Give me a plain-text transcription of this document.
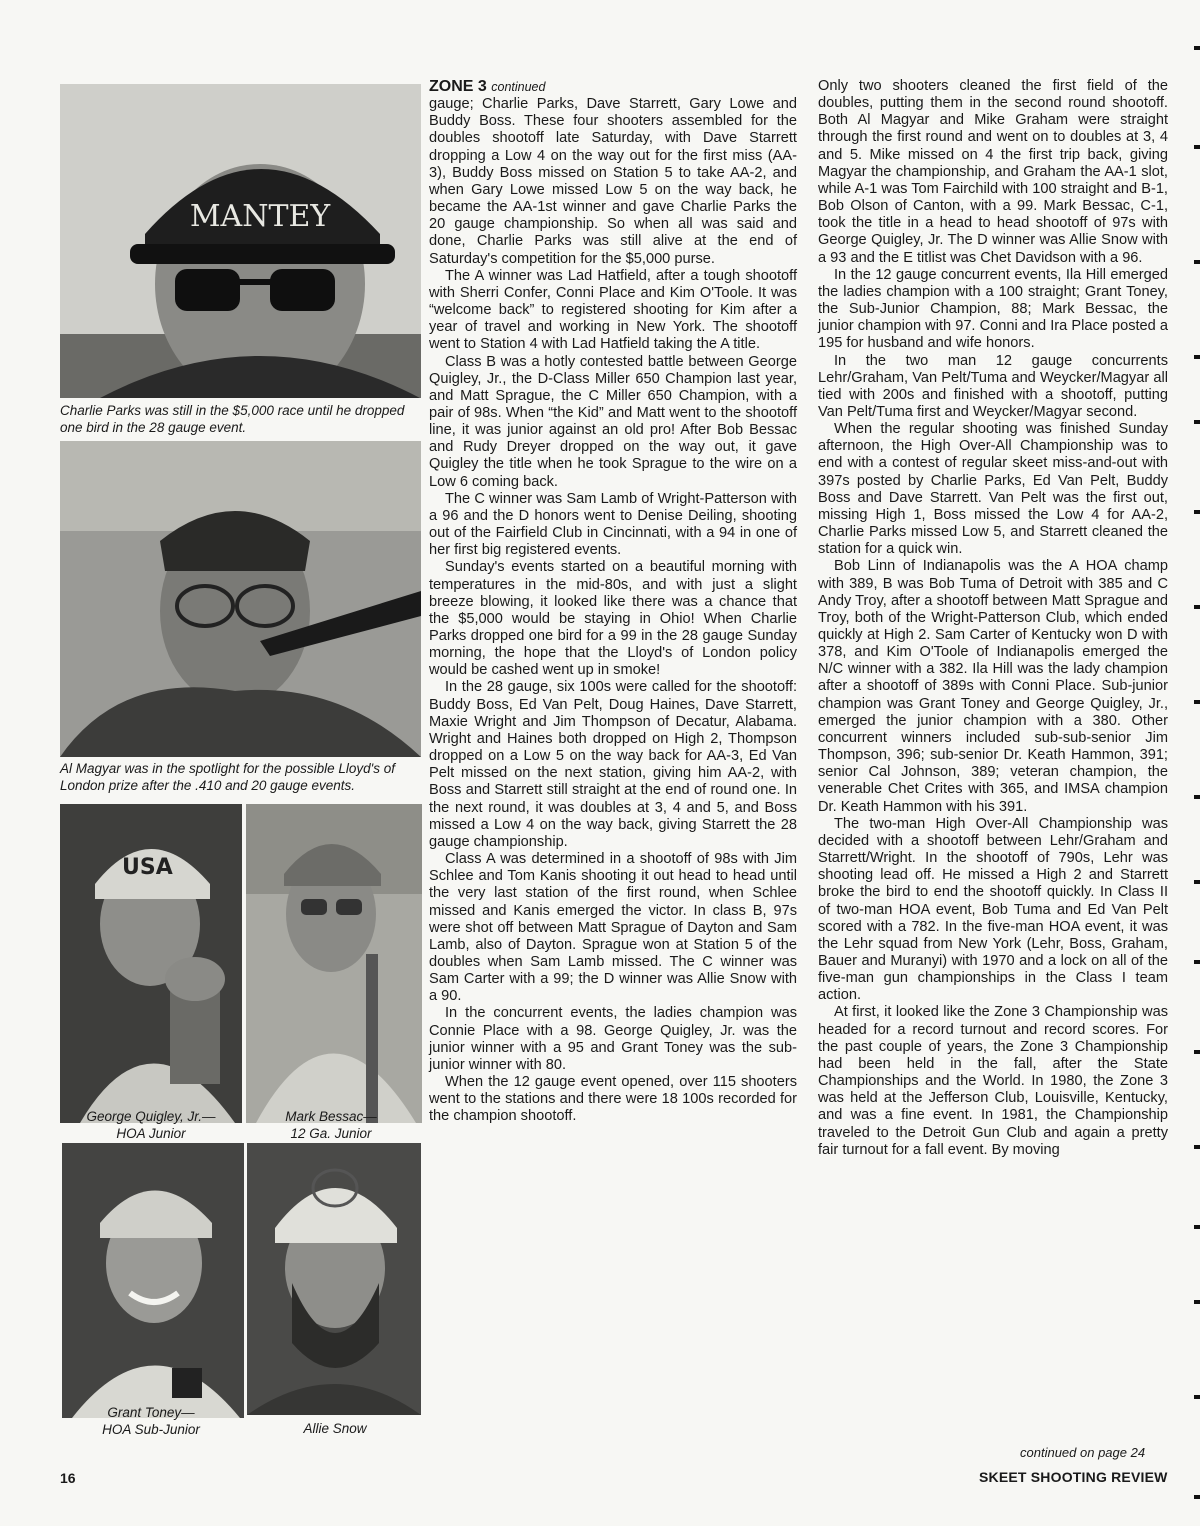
MANTEY
Charlie Parks was still in the $5,000 race until he dropped one bird in the 28 gauge event.
Al Magyar was in the spotlight for the possible Lloyd's of London prize after the .410 and 20 gauge events.
USA
George Quigley, Jr.—
HOA Junior
Mark Bessac—
12 Ga. Junior
Grant Toney—
HOA Sub-Junior	Allie Snow
ZONE 3 continued

gauge; Charlie Parks, Dave Starrett, Gary Lowe and Buddy Boss. These four shooters assembled for the doubles shootoff late Saturday, with Dave Starrett dropping a Low 4 on the way out for the first miss (AA-3), Buddy Boss missed on Station 5 to take AA-2, and when Gary Lowe missed Low 5 on the way back, he became the AA-1st winner and gave Charlie Parks the 20 gauge championship. So when all was said and done, Charlie Parks was still alive at the end of Saturday's competition for the $5,000 purse.

The A winner was Lad Hatfield, after a tough shootoff with Sherri Confer, Conni Place and Kim O'Toole. It was “welcome back” to registered shooting for Kim after a year of travel and working in New York. The shootoff went to Station 4 with Lad Hatfield taking the A title.

Class B was a hotly contested battle between George Quigley, Jr., the D-Class Miller 650 Champion last year, and Matt Sprague, the C Miller 650 Champion, with a pair of 98s. When “the Kid” and Matt went to the shootoff line, it was junior against an old pro! After Bob Bessac and Rudy Dreyer dropped on the way out, it gave Quigley the title when he took Sprague to the wire on a Low 6 coming back.

The C winner was Sam Lamb of Wright-Patterson with a 96 and the D honors went to Denise Deiling, shooting out of the Fairfield Club in Cincinnati, with a 94 in one of her first big registered events.

Sunday's events started on a beautiful morning with temperatures in the mid-80s, and with just a slight breeze blowing, it looked like there was a chance that the $5,000 would be staying in Ohio! When Charlie Parks dropped one bird for a 99 in the 28 gauge Sunday morning, the hope that the Lloyd's of London policy would be cashed went up in smoke!

In the 28 gauge, six 100s were called for the shootoff: Buddy Boss, Ed Van Pelt, Doug Haines, Dave Starrett, Maxie Wright and Jim Thompson of Decatur, Alabama. Wright and Haines both dropped on High 2, Thompson dropped on a Low 5 on the way back for AA-3, Ed Van Pelt missed on the next station, giving him AA-2, with Boss and Starrett still straight at the end of round one. In the next round, it was doubles at 3, 4 and 5, and Boss missed a Low 4 on the way back, giving Starrett the 28 gauge championship.

Class A was determined in a shootoff of 98s with Jim Schlee and Tom Kanis shooting it out head to head until the very last station of the first round, when Schlee missed and Kanis emerged the victor. In class B, 97s were shot off between Matt Sprague of Dayton and Sam Lamb, also of Dayton. Sprague won at Station 5 of the doubles when Sam Lamb missed. The C winner was Sam Carter with a 99; the D winner was Allie Snow with a 90.

In the concurrent events, the ladies champion was Connie Place with a 98. George Quigley, Jr. was the junior winner with a 95 and Grant Toney was the sub-junior winner with 80.

When the 12 gauge event opened, over 115 shooters went to the stations and there were 18 100s recorded for the champion shootoff.

Only two shooters cleaned the first field of the doubles, putting them in the second round shootoff. Both Al Magyar and Mike Graham were straight through the first round and went on to doubles at 3, 4 and 5. Mike missed on 4 the first trip back, giving Magyar the championship, and Graham the AA-1 slot, while A-1 was Tom Fairchild with 100 straight and B-1, Bob Olson of Canton, with a 99. Mark Bessac, C-1, took the title in a head to head shootoff of 97s with George Quigley, Jr. The D winner was Allie Snow with a 93 and the E titlist was Chet Davidson with a 96.

In the 12 gauge concurrent events, Ila Hill emerged the ladies champion with a 100 straight; Grant Toney, the Sub-Junior Champion, 88; Mark Bessac, the junior champion with 97. Conni and Ira Place posted a 195 for husband and wife honors.

In the two man 12 gauge concurrents Lehr/Graham, Van Pelt/Tuma and Weycker/Magyar all tied with 200s and finished with a shootoff, putting Van Pelt/Tuma first and Weycker/Magyar second.

When the regular shooting was finished Sunday afternoon, the High Over-All Championship was to end with a contest of regular skeet miss-and-out with 397s posted by Charlie Parks, Ed Van Pelt, Buddy Boss and Dave Starrett. Van Pelt was the first out, missing High 1, Boss missed the Low 4 for AA-2, Charlie Parks missed Low 5, and Starrett cleaned the station for a quick win.

Bob Linn of Indianapolis was the A HOA champ with 389, B was Bob Tuma of Detroit with 385 and C Andy Troy, after a shootoff between Matt Sprague and Troy, both of the Wright-Patterson Club, which ended quickly at High 2. Sam Carter of Kentucky won D with 378, and Kim O'Toole of Indianapolis emerged the N/C winner with a 382. Ila Hill was the lady champion after a shootoff of 389s with Conni Place. Sub-junior champion was Grant Toney and George Quigley, Jr., emerged the junior champion with a 380. Other concurrent winners included sub-sub-senior Jim Thompson, 396; sub-senior Dr. Keath Hammon, 391; senior Cal Johnson, 389; veteran champion, the venerable Chet Crites with 365, and IMSA champion Dr. Keath Hammon with his 391.

The two-man High Over-All Championship was decided with a shootoff between Lehr/Graham and Starrett/Wright. In the shootoff of 790s, Lehr was shooting lead off. He missed a High 2 and Starrett broke the bird to end the shootoff quickly. In Class II of two-man HOA event, Bob Tuma and Ed Van Pelt scored with a 782. In the five-man HOA event, it was the Lehr squad from New York (Lehr, Boss, Graham, Bauer and Muranyi) with 1970 and a lock on all of the five-man gun championships in the Class I team action.

At first, it looked like the Zone 3 Championship was headed for a record turnout and record scores. For the past couple of years, the Zone 3 Championship had been held in the fall, after the State Championships and the World. In 1980, the Zone 3 was held at the Jefferson Club, Louisville, Kentucky, and was a fine event. In 1981, the Championship traveled to the Detroit Gun Club and again a pretty fair turnout for a fall event. By moving

continued on page 24
16	SKEET SHOOTING REVIEW
